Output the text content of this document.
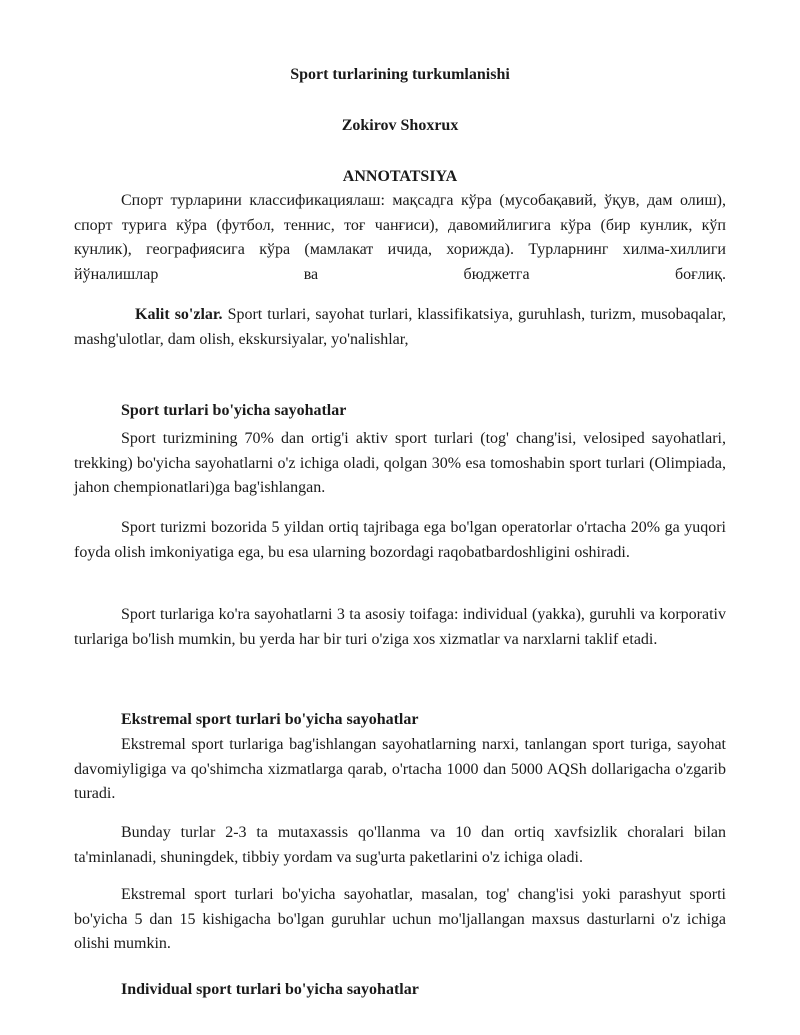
Sport turlarining turkumlanishi
Zokirov Shoxrux
ANNOTATSIYA

Спорт турларини классификациялаш: мақсадга кўра (мусобақавий, ўқув, дам олиш), спорт турига кўра (футбол, теннис, тоғ чанғиси), давомийлигига кўра (бир кунлик, кўп кунлик), географиясига кўра (мамлакат ичида, хорижда). Турларнинг хилма-хиллиги йўналишлар ва бюджетга боғлиқ.

Kalit so'zlar. Sport turlari, sayohat turlari, klassifikatsiya, guruhlash, turizm, musobaqalar, mashg'ulotlar, dam olish, ekskursiyalar, yo'nalishlar,

Sport turlari bo'yicha sayohatlar

Sport turizmining 70% dan ortig'i aktiv sport turlari (tog' chang'isi, velosiped sayohatlari, trekking) bo'yicha sayohatlarni o'z ichiga oladi, qolgan 30% esa tomoshabin sport turlari (Olimpiada, jahon chempionatlari)ga bag'ishlangan.

Sport turizmi bozorida 5 yildan ortiq tajribaga ega bo'lgan operatorlar o'rtacha 20% ga yuqori foyda olish imkoniyatiga ega, bu esa ularning bozordagi raqobatbardoshligini oshiradi.

Sport turlariga ko'ra sayohatlarni 3 ta asosiy toifaga: individual (yakka), guruhli va korporativ turlariga bo'lish mumkin, bu yerda har bir turi o'ziga xos xizmatlar va narxlarni taklif etadi.

Ekstremal sport turlari bo'yicha sayohatlar

Ekstremal sport turlariga bag'ishlangan sayohatlarning narxi, tanlangan sport turiga, sayohat davomiyligiga va qo'shimcha xizmatlarga qarab, o'rtacha 1000 dan 5000 AQSh dollarigacha o'zgarib turadi.

Bunday turlar 2-3 ta mutaxassis qo'llanma va 10 dan ortiq xavfsizlik choralari bilan ta'minlanadi, shuningdek, tibbiy yordam va sug'urta paketlarini o'z ichiga oladi.

Ekstremal sport turlari bo'yicha sayohatlar, masalan, tog' chang'isi yoki parashyut sporti bo'yicha 5 dan 15 kishigacha bo'lgan guruhlar uchun mo'ljallangan maxsus dasturlarni o'z ichiga olishi mumkin.

Individual sport turlari bo'yicha sayohatlar
